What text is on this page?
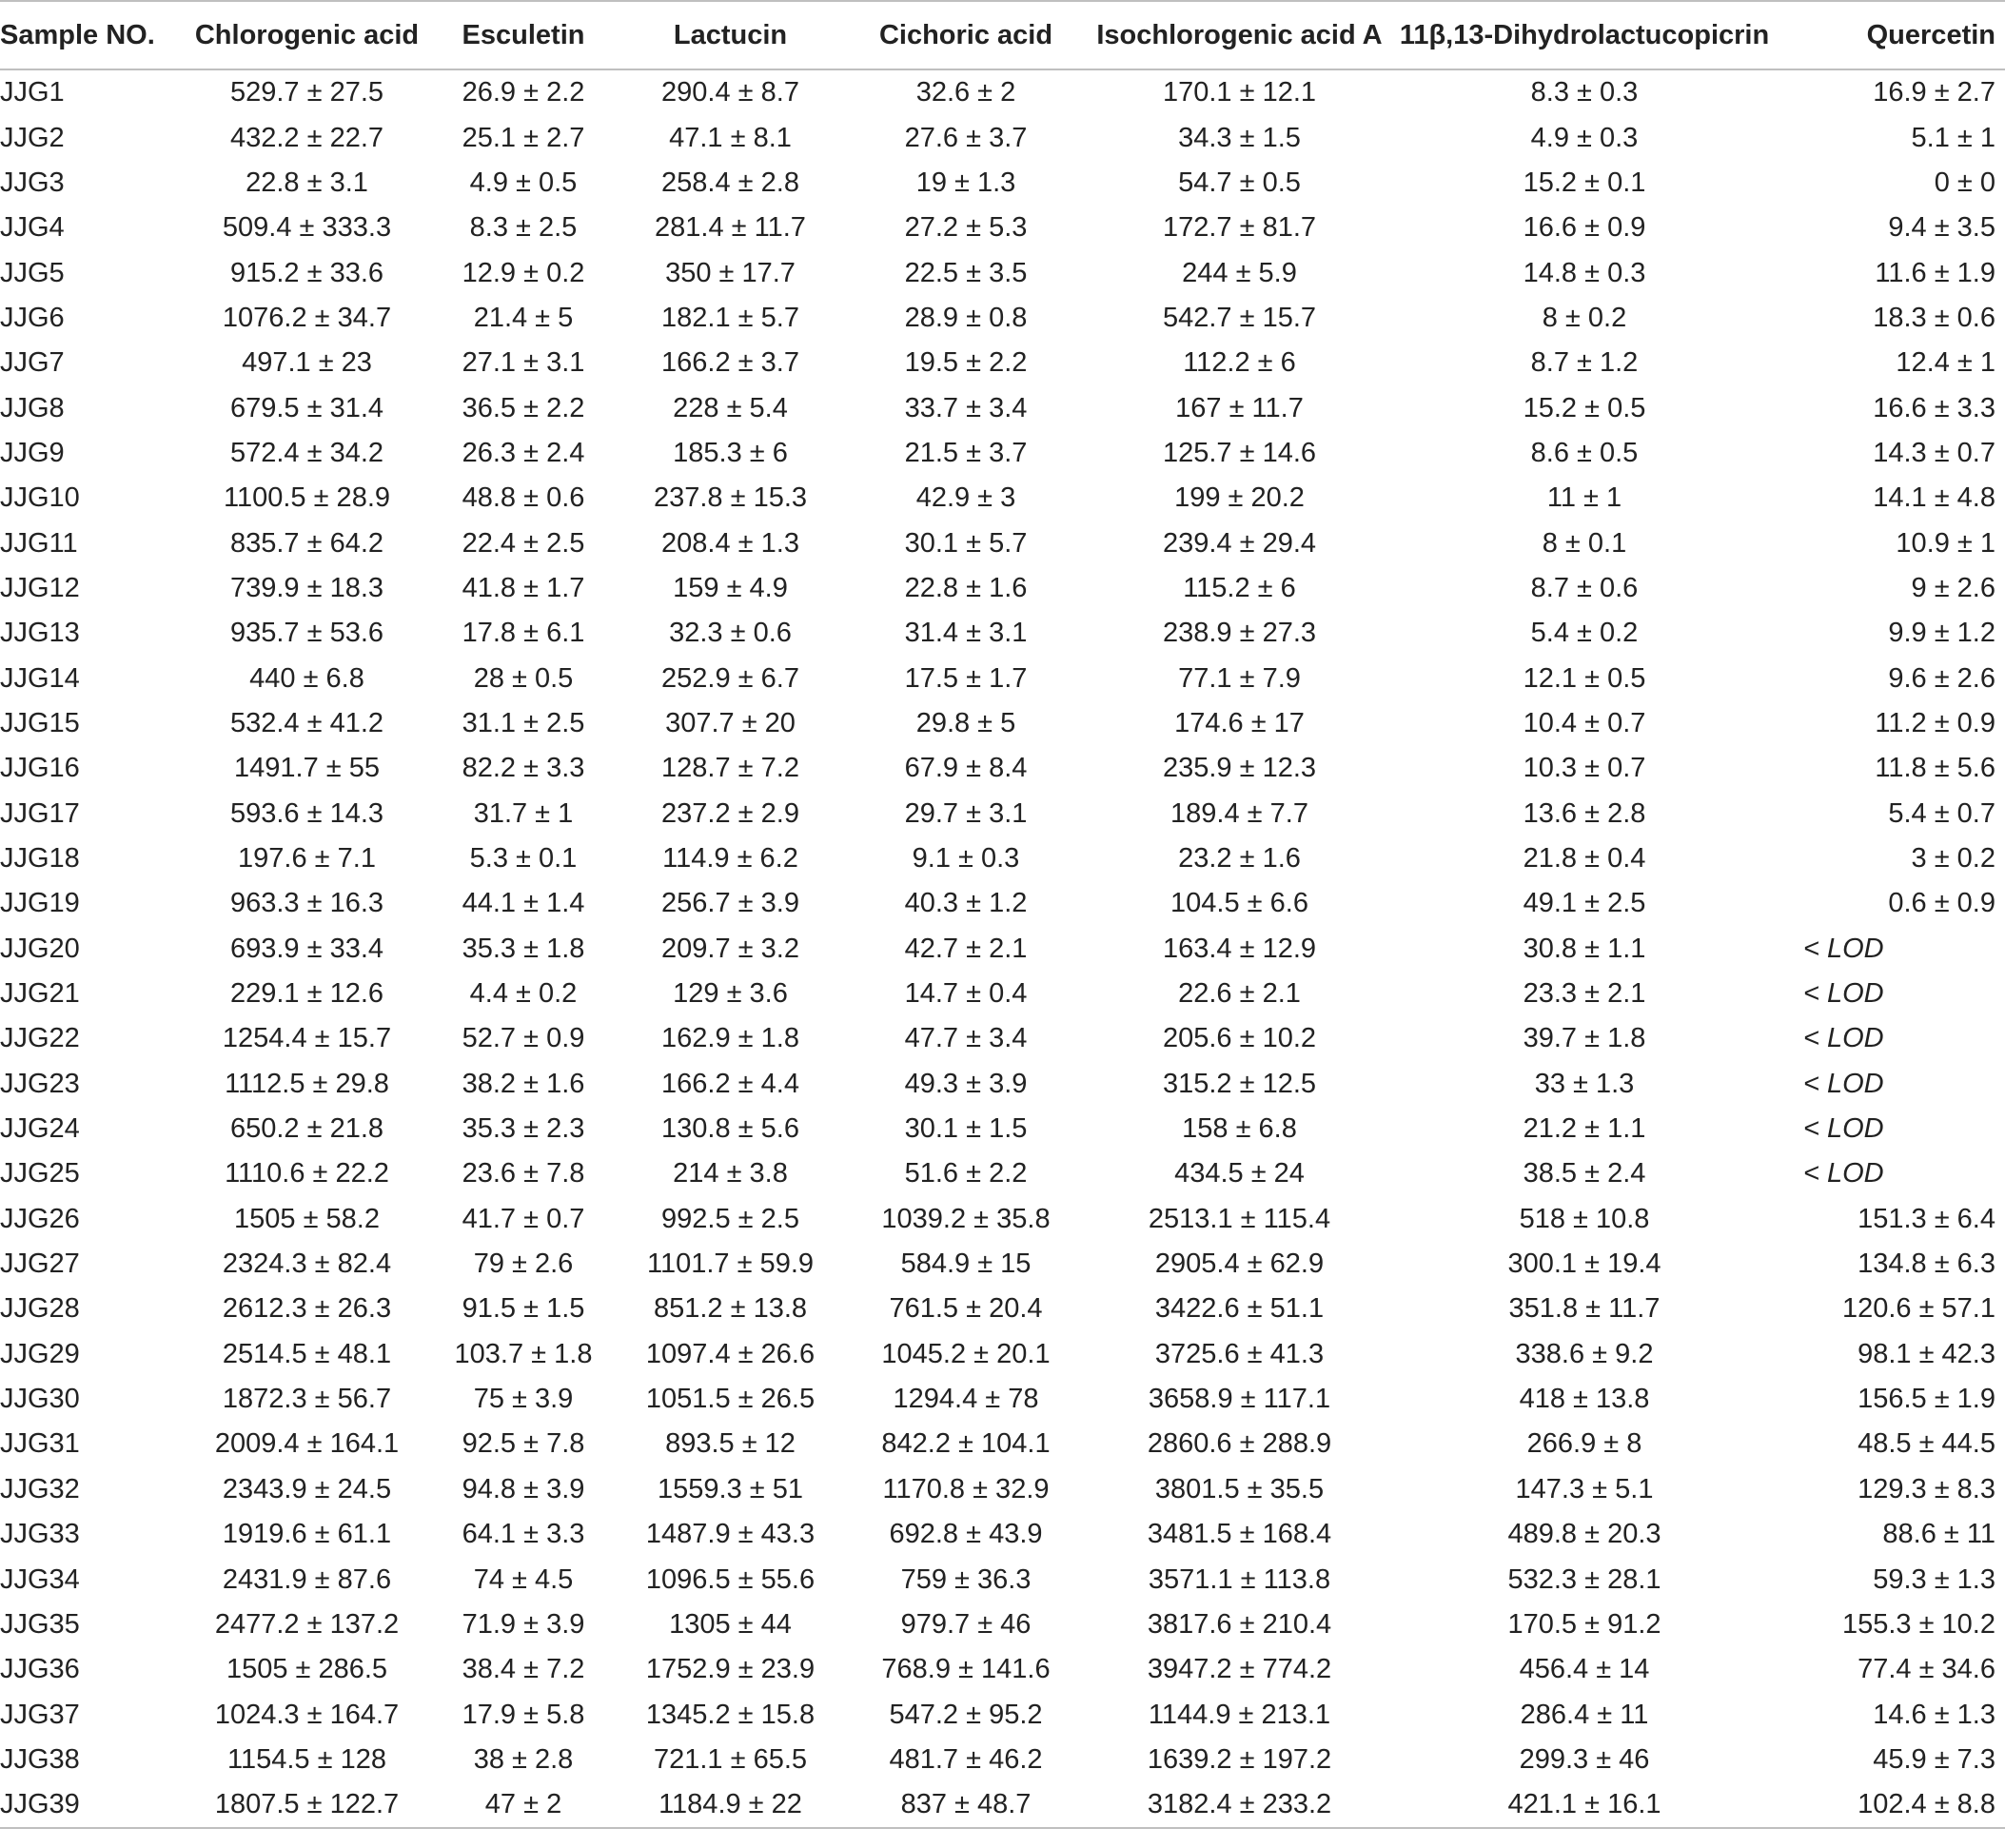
Sample NO.	Chlorogenic acid	Esculetin	Lactucin	Cichoric acid	Isochlorogenic acid A	11β,13-Dihydrolactucopicrin	Quercetin
JJG1	529.7 ± 27.5	26.9 ± 2.2	290.4 ± 8.7	32.6 ± 2	170.1 ± 12.1	8.3 ± 0.3	16.9 ± 2.7
JJG2	432.2 ± 22.7	25.1 ± 2.7	47.1 ± 8.1	27.6 ± 3.7	34.3 ± 1.5	4.9 ± 0.3	5.1 ± 1
JJG3	22.8 ± 3.1	4.9 ± 0.5	258.4 ± 2.8	19 ± 1.3	54.7 ± 0.5	15.2 ± 0.1	0 ± 0
JJG4	509.4 ± 333.3	8.3 ± 2.5	281.4 ± 11.7	27.2 ± 5.3	172.7 ± 81.7	16.6 ± 0.9	9.4 ± 3.5
JJG5	915.2 ± 33.6	12.9 ± 0.2	350 ± 17.7	22.5 ± 3.5	244 ± 5.9	14.8 ± 0.3	11.6 ± 1.9
JJG6	1076.2 ± 34.7	21.4 ± 5	182.1 ± 5.7	28.9 ± 0.8	542.7 ± 15.7	8 ± 0.2	18.3 ± 0.6
JJG7	497.1 ± 23	27.1 ± 3.1	166.2 ± 3.7	19.5 ± 2.2	112.2 ± 6	8.7 ± 1.2	12.4 ± 1
JJG8	679.5 ± 31.4	36.5 ± 2.2	228 ± 5.4	33.7 ± 3.4	167 ± 11.7	15.2 ± 0.5	16.6 ± 3.3
JJG9	572.4 ± 34.2	26.3 ± 2.4	185.3 ± 6	21.5 ± 3.7	125.7 ± 14.6	8.6 ± 0.5	14.3 ± 0.7
JJG10	1100.5 ± 28.9	48.8 ± 0.6	237.8 ± 15.3	42.9 ± 3	199 ± 20.2	11 ± 1	14.1 ± 4.8
JJG11	835.7 ± 64.2	22.4 ± 2.5	208.4 ± 1.3	30.1 ± 5.7	239.4 ± 29.4	8 ± 0.1	10.9 ± 1
JJG12	739.9 ± 18.3	41.8 ± 1.7	159 ± 4.9	22.8 ± 1.6	115.2 ± 6	8.7 ± 0.6	9 ± 2.6
JJG13	935.7 ± 53.6	17.8 ± 6.1	32.3 ± 0.6	31.4 ± 3.1	238.9 ± 27.3	5.4 ± 0.2	9.9 ± 1.2
JJG14	440 ± 6.8	28 ± 0.5	252.9 ± 6.7	17.5 ± 1.7	77.1 ± 7.9	12.1 ± 0.5	9.6 ± 2.6
JJG15	532.4 ± 41.2	31.1 ± 2.5	307.7 ± 20	29.8 ± 5	174.6 ± 17	10.4 ± 0.7	11.2 ± 0.9
JJG16	1491.7 ± 55	82.2 ± 3.3	128.7 ± 7.2	67.9 ± 8.4	235.9 ± 12.3	10.3 ± 0.7	11.8 ± 5.6
JJG17	593.6 ± 14.3	31.7 ± 1	237.2 ± 2.9	29.7 ± 3.1	189.4 ± 7.7	13.6 ± 2.8	5.4 ± 0.7
JJG18	197.6 ± 7.1	5.3 ± 0.1	114.9 ± 6.2	9.1 ± 0.3	23.2 ± 1.6	21.8 ± 0.4	3 ± 0.2
JJG19	963.3 ± 16.3	44.1 ± 1.4	256.7 ± 3.9	40.3 ± 1.2	104.5 ± 6.6	49.1 ± 2.5	0.6 ± 0.9
JJG20	693.9 ± 33.4	35.3 ± 1.8	209.7 ± 3.2	42.7 ± 2.1	163.4 ± 12.9	30.8 ± 1.1	< LOD
JJG21	229.1 ± 12.6	4.4 ± 0.2	129 ± 3.6	14.7 ± 0.4	22.6 ± 2.1	23.3 ± 2.1	< LOD
JJG22	1254.4 ± 15.7	52.7 ± 0.9	162.9 ± 1.8	47.7 ± 3.4	205.6 ± 10.2	39.7 ± 1.8	< LOD
JJG23	1112.5 ± 29.8	38.2 ± 1.6	166.2 ± 4.4	49.3 ± 3.9	315.2 ± 12.5	33 ± 1.3	< LOD
JJG24	650.2 ± 21.8	35.3 ± 2.3	130.8 ± 5.6	30.1 ± 1.5	158 ± 6.8	21.2 ± 1.1	< LOD
JJG25	1110.6 ± 22.2	23.6 ± 7.8	214 ± 3.8	51.6 ± 2.2	434.5 ± 24	38.5 ± 2.4	< LOD
JJG26	1505 ± 58.2	41.7 ± 0.7	992.5 ± 2.5	1039.2 ± 35.8	2513.1 ± 115.4	518 ± 10.8	151.3 ± 6.4
JJG27	2324.3 ± 82.4	79 ± 2.6	1101.7 ± 59.9	584.9 ± 15	2905.4 ± 62.9	300.1 ± 19.4	134.8 ± 6.3
JJG28	2612.3 ± 26.3	91.5 ± 1.5	851.2 ± 13.8	761.5 ± 20.4	3422.6 ± 51.1	351.8 ± 11.7	120.6 ± 57.1
JJG29	2514.5 ± 48.1	103.7 ± 1.8	1097.4 ± 26.6	1045.2 ± 20.1	3725.6 ± 41.3	338.6 ± 9.2	98.1 ± 42.3
JJG30	1872.3 ± 56.7	75 ± 3.9	1051.5 ± 26.5	1294.4 ± 78	3658.9 ± 117.1	418 ± 13.8	156.5 ± 1.9
JJG31	2009.4 ± 164.1	92.5 ± 7.8	893.5 ± 12	842.2 ± 104.1	2860.6 ± 288.9	266.9 ± 8	48.5 ± 44.5
JJG32	2343.9 ± 24.5	94.8 ± 3.9	1559.3 ± 51	1170.8 ± 32.9	3801.5 ± 35.5	147.3 ± 5.1	129.3 ± 8.3
JJG33	1919.6 ± 61.1	64.1 ± 3.3	1487.9 ± 43.3	692.8 ± 43.9	3481.5 ± 168.4	489.8 ± 20.3	88.6 ± 11
JJG34	2431.9 ± 87.6	74 ± 4.5	1096.5 ± 55.6	759 ± 36.3	3571.1 ± 113.8	532.3 ± 28.1	59.3 ± 1.3
JJG35	2477.2 ± 137.2	71.9 ± 3.9	1305 ± 44	979.7 ± 46	3817.6 ± 210.4	170.5 ± 91.2	155.3 ± 10.2
JJG36	1505 ± 286.5	38.4 ± 7.2	1752.9 ± 23.9	768.9 ± 141.6	3947.2 ± 774.2	456.4 ± 14	77.4 ± 34.6
JJG37	1024.3 ± 164.7	17.9 ± 5.8	1345.2 ± 15.8	547.2 ± 95.2	1144.9 ± 213.1	286.4 ± 11	14.6 ± 1.3
JJG38	1154.5 ± 128	38 ± 2.8	721.1 ± 65.5	481.7 ± 46.2	1639.2 ± 197.2	299.3 ± 46	45.9 ± 7.3
JJG39	1807.5 ± 122.7	47 ± 2	1184.9 ± 22	837 ± 48.7	3182.4 ± 233.2	421.1 ± 16.1	102.4 ± 8.8
